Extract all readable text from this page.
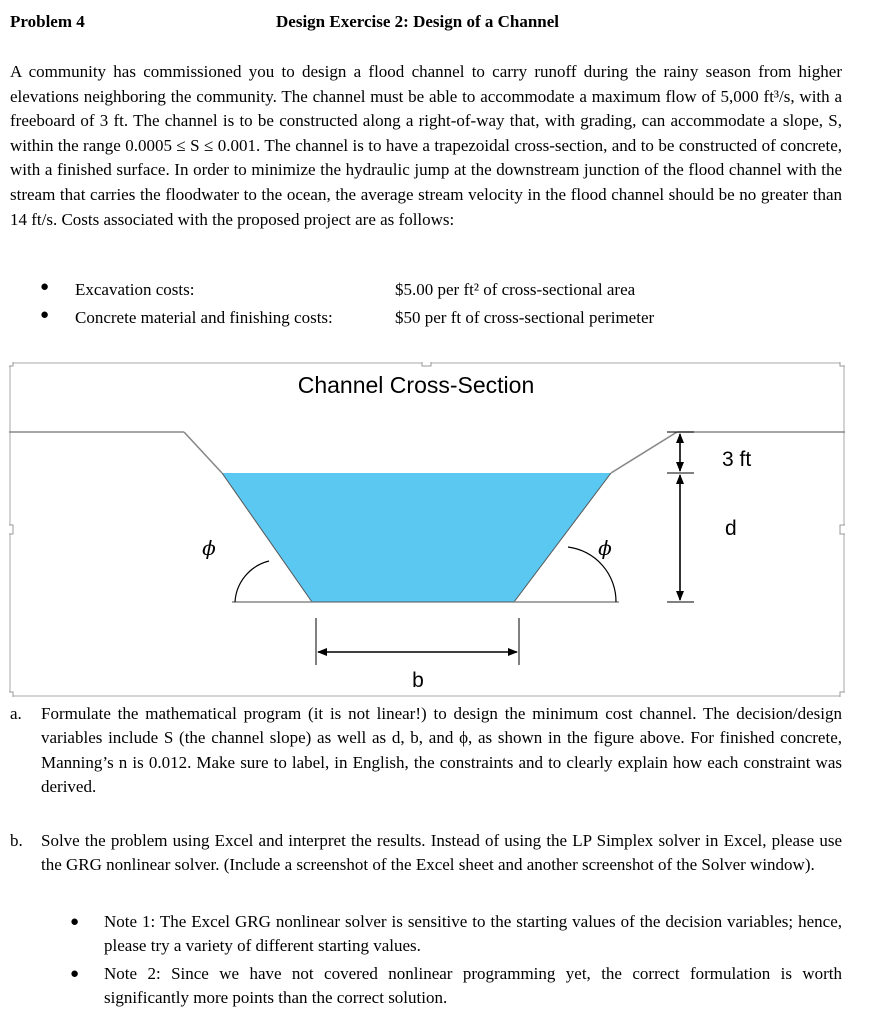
Problem 4	Design Exercise 2: Design of a Channel

A community has commissioned you to design a flood channel to carry runoff during the rainy season from higher elevations neighboring the community. The channel must be able to accommodate a maximum flow of 5,000 ft³/s, with a freeboard of 3 ft. The channel is to be constructed along a right-of-way that, with grading, can accommodate a slope, S, within the range 0.0005 ≤ S ≤ 0.001. The channel is to have a trapezoidal cross-section, and to be constructed of concrete, with a finished surface. In order to minimize the hydraulic jump at the downstream junction of the flood channel with the stream that carries the floodwater to the ocean, the average stream velocity in the flood channel should be no greater than 14 ft/s. Costs associated with the proposed project are as follows:

● Excavation costs:	$5.00 per ft² of cross-sectional area
● Concrete material and finishing costs:	$50 per ft of cross-sectional perimeter
Channel Cross-Section
ϕ	ϕ
3 ft
d
b
a. Formulate the mathematical program (it is not linear!) to design the minimum cost channel. The decision/design variables include S (the channel slope) as well as d, b, and ϕ, as shown in the figure above. For finished concrete, Manning’s n is 0.012. Make sure to label, in English, the constraints and to clearly explain how each constraint was derived.
b. Solve the problem using Excel and interpret the results. Instead of using the LP Simplex solver in Excel, please use the GRG nonlinear solver. (Include a screenshot of the Excel sheet and another screenshot of the Solver window).
● Note 1: The Excel GRG nonlinear solver is sensitive to the starting values of the decision variables; hence, please try a variety of different starting values.
● Note 2: Since we have not covered nonlinear programming yet, the correct formulation is worth significantly more points than the correct solution.
